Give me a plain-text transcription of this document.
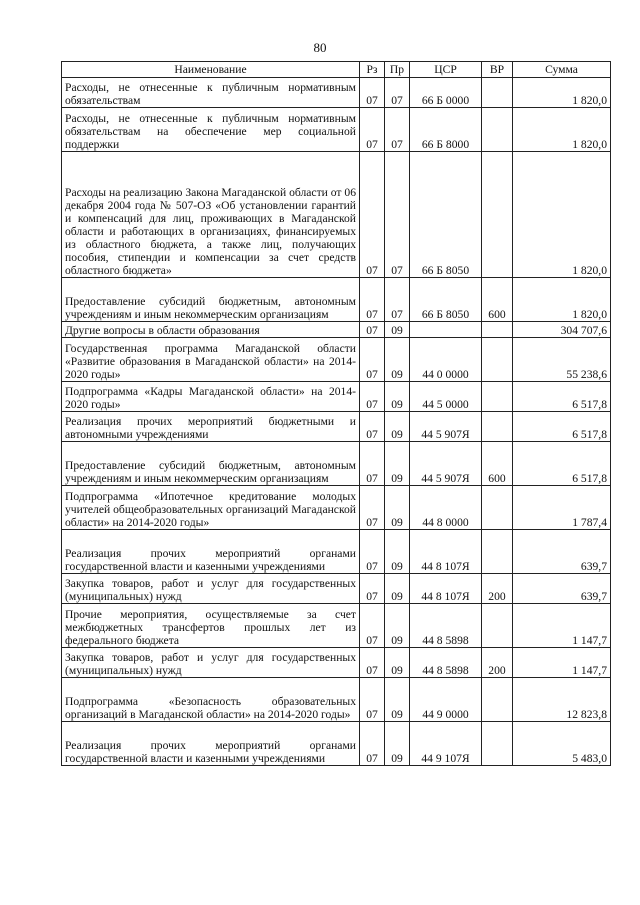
80
Наименование	Рз	Пр	ЦСР	ВР	Сумма
Расходы, не отнесенные к публичным нормативным обязательствам	07	07	66 Б 0000		1 820,0
Расходы, не отнесенные к публичным нормативным обязательствам на обеспечение мер социальной поддержки	07	07	66 Б 8000		1 820,0
Расходы на реализацию Закона Магаданской области от 06 декабря 2004 года № 507-ОЗ «Об установлении гарантий и компенсаций для лиц, проживающих в Магаданской области и работающих в организациях, финансируемых из областного бюджета, а также лиц, получающих пособия, стипендии и компенсации за счет средств областного бюджета»	07	07	66 Б 8050		1 820,0
Предоставление субсидий бюджетным, автономным учреждениям и иным некоммерческим организациям	07	07	66 Б 8050	600	1 820,0
Другие вопросы в области образования	07	09			304 707,6
Государственная программа Магаданской области «Развитие образования в Магаданской области» на 2014-2020 годы»	07	09	44 0 0000		55 238,6
Подпрограмма «Кадры Магаданской области» на 2014-2020 годы»	07	09	44 5 0000		6 517,8
Реализация прочих мероприятий бюджетными и автономными учреждениями	07	09	44 5 907Я		6 517,8
Предоставление субсидий бюджетным, автономным учреждениям и иным некоммерческим организациям	07	09	44 5 907Я	600	6 517,8
Подпрограмма «Ипотечное кредитование молодых учителей общеобразовательных организаций Магаданской области» на 2014-2020 годы»	07	09	44 8 0000		1 787,4
Реализация прочих мероприятий органами государственной власти и казенными учреждениями	07	09	44 8 107Я		639,7
Закупка товаров, работ и услуг для государственных (муниципальных) нужд	07	09	44 8 107Я	200	639,7
Прочие мероприятия, осуществляемые за счет межбюджетных трансфертов прошлых лет из федерального бюджета	07	09	44 8 5898		1 147,7
Закупка товаров, работ и услуг для государственных (муниципальных) нужд	07	09	44 8 5898	200	1 147,7
Подпрограмма «Безопасность образовательных организаций в Магаданской области» на 2014-2020 годы»	07	09	44 9 0000		12 823,8
Реализация прочих мероприятий органами государственной власти и казенными учреждениями	07	09	44 9 107Я		5 483,0
